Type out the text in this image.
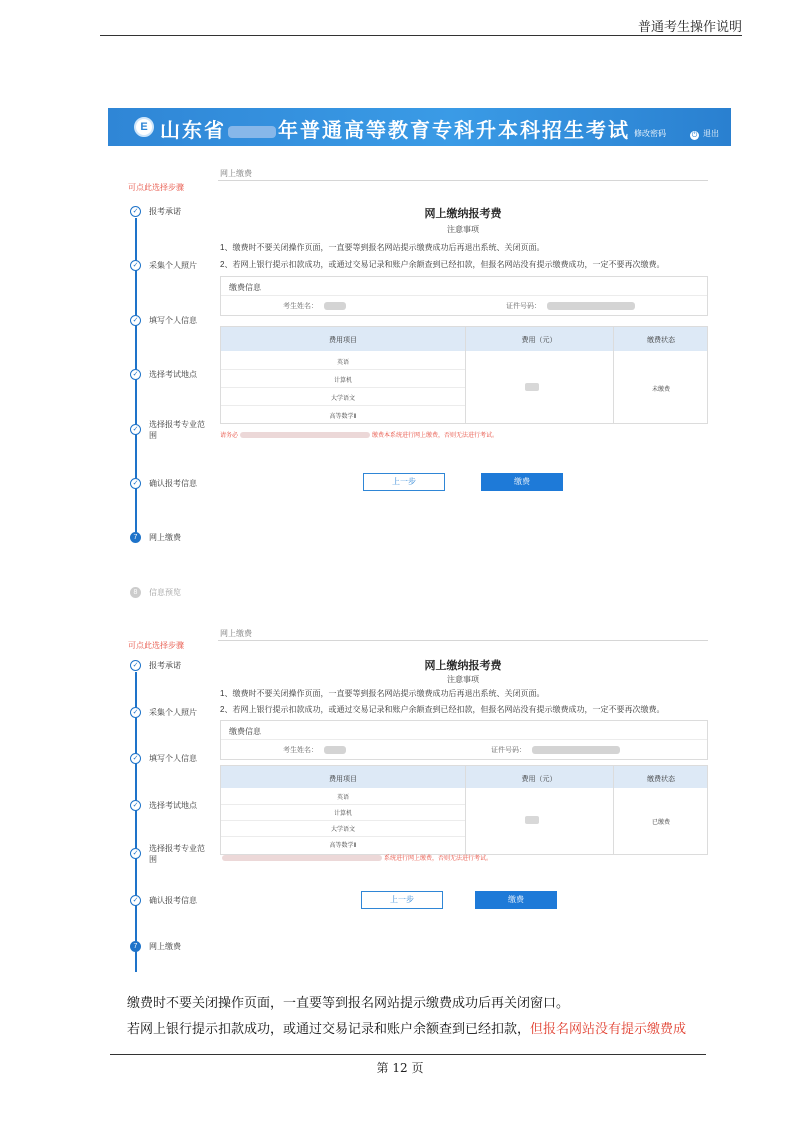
普通考生操作说明
E 山东省	年普通高等教育专科升本科招生考试 修改密码	⏻ 退出
可点此选择步骤
✓	报考承诺
✓	采集个人照片
✓	填写个人信息
✓	选择考试地点
✓
选择报考专业范围
✓	确认报考信息
7	网上缴费
8	信息预览
网上缴费
网上缴纳报考费
注意事项
1、缴费时不要关闭操作页面，一直要等到报名网站提示缴费成功后再退出系统、关闭页面。
2、若网上银行提示扣款成功，或通过交易记录和账户余额查到已经扣款，但报名网站没有提示缴费成功，一定不要再次缴费。
缴费信息
考生姓名：	证件号码：
费用项目	费用（元）	缴费状态
英语
计算机
大学语文
高等数学Ⅱ
未缴费
请务必	缴费本系统进行网上缴费，否则无法进行考试。
上一步	缴费
可点此选择步骤
✓	报考承诺
✓	采集个人照片
✓	填写个人信息
✓	选择考试地点
✓
选择报考专业范围
✓	确认报考信息
7	网上缴费
网上缴费
网上缴纳报考费
注意事项
1、缴费时不要关闭操作页面，一直要等到报名网站提示缴费成功后再退出系统、关闭页面。
2、若网上银行提示扣款成功，或通过交易记录和账户余额查到已经扣款，但报名网站没有提示缴费成功，一定不要再次缴费。
缴费信息
考生姓名：	证件号码：
费用项目	费用（元）	缴费状态
英语
计算机
大学语文
高等数学Ⅱ
已缴费
系统进行网上缴费，否则无法进行考试。
上一步	缴费
缴费时不要关闭操作页面，一直要等到报名网站提示缴费成功后再关闭窗口。
若网上银行提示扣款成功，或通过交易记录和账户余额查到已经扣款，但报名网站没有提示缴费成
第 12 页
